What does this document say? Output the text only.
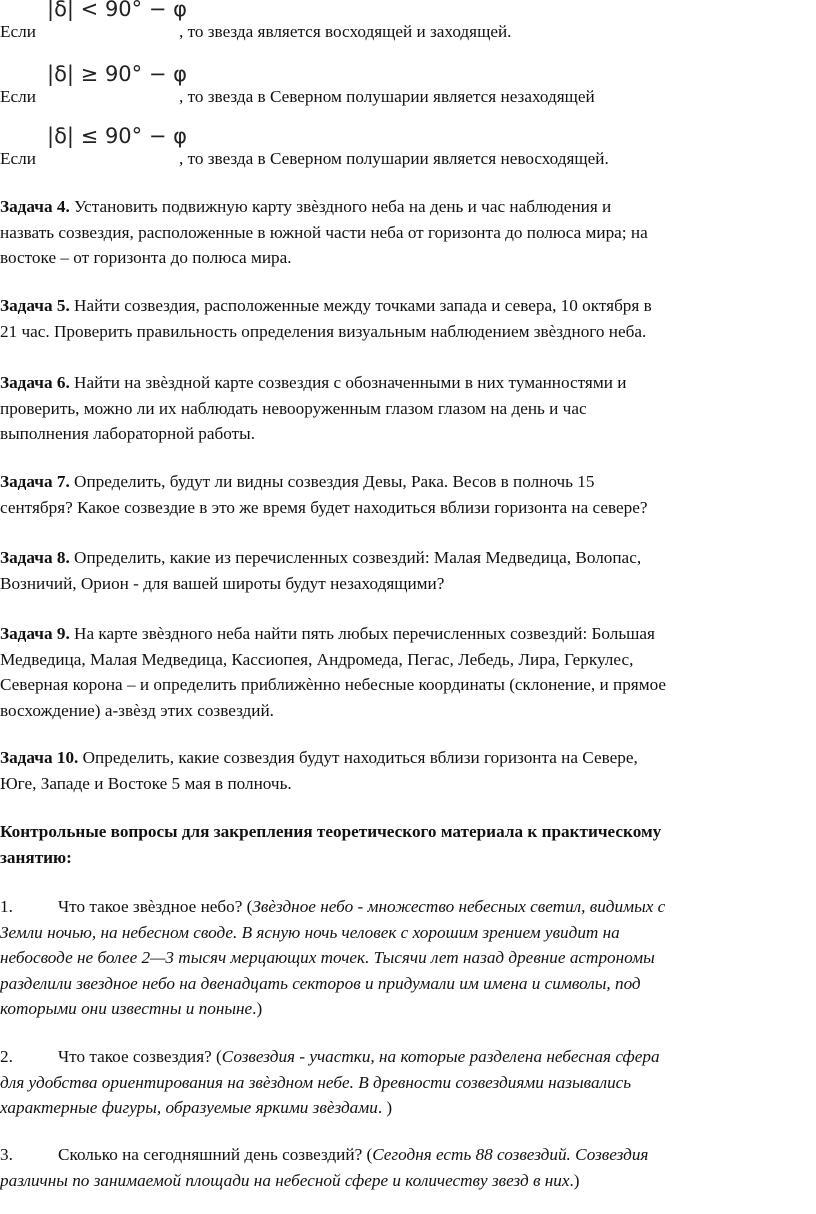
Если
|δ| < 90° − φ
, то звезда является восходящей и заходящей.
Если
|δ| ≥ 90° − φ
, то звезда в Северном полушарии является незаходящей
Если
|δ| ≤ 90° − φ
, то звезда в Северном полушарии является невосходящей.

Задача 4. Установить подвижную карту звѐздного неба на день и час наблюдения и

назвать созвездия, расположенные в южной части неба от горизонта до полюса мира; на

востоке – от горизонта до полюса мира.

Задача 5. Найти созвездия, расположенные между точками запада и севера, 10 октября в

21 час. Проверить правильность определения визуальным наблюдением звѐздного неба.

Задача 6. Найти на звѐздной карте созвездия с обозначенными в них туманностями и

проверить, можно ли их наблюдать невооруженным глазом глазом на день и час

выполнения лабораторной работы.

Задача 7. Определить, будут ли видны созвездия Девы, Рака. Весов в полночь 15

сентября? Какое созвездие в это же время будет находиться вблизи горизонта на севере?

Задача 8. Определить, какие из перечисленных созвездий: Малая Медведица, Волопас,

Возничий, Орион - для вашей широты будут незаходящими?

Задача 9. На карте звѐздного неба найти пять любых перечисленных созвездий: Большая

Медведица, Малая Медведица, Кассиопея, Андромеда, Пегас, Лебедь, Лира, Геркулес,

Северная корона – и определить приближѐнно небесные координаты (склонение, и прямое

восхождение) а-звѐзд этих созвездий.

Задача 10. Определить, какие созвездия будут находиться вблизи горизонта на Севере,

Юге, Западе и Востоке 5 мая в полночь.

Контрольные вопросы для закрепления теоретического материала к практическому

занятию:

1.	Что такое звѐздное небо? (Звѐздное небо - множество небесных светил, видимых с

Земли ночью, на небесном своде. В ясную ночь человек с хорошим зрением увидит на

небосводе не более 2—3 тысяч мерцающих точек. Тысячи лет назад древние астрономы

разделили звездное небо на двенадцать секторов и придумали им имена и символы, под

которыми они известны и поныне.)

2.	Что такое созвездия? (Созвездия - участки, на которые разделена небесная сфера

для удобства ориентирования на звѐздном небе. В древности созвездиями назывались

характерные фигуры, образуемые яркими звѐздами. )

3.	Сколько на сегодняшний день созвездий? (Сегодня есть 88 созвездий. Созвездия

различны по занимаемой площади на небесной сфере и количеству звезд в них.)
